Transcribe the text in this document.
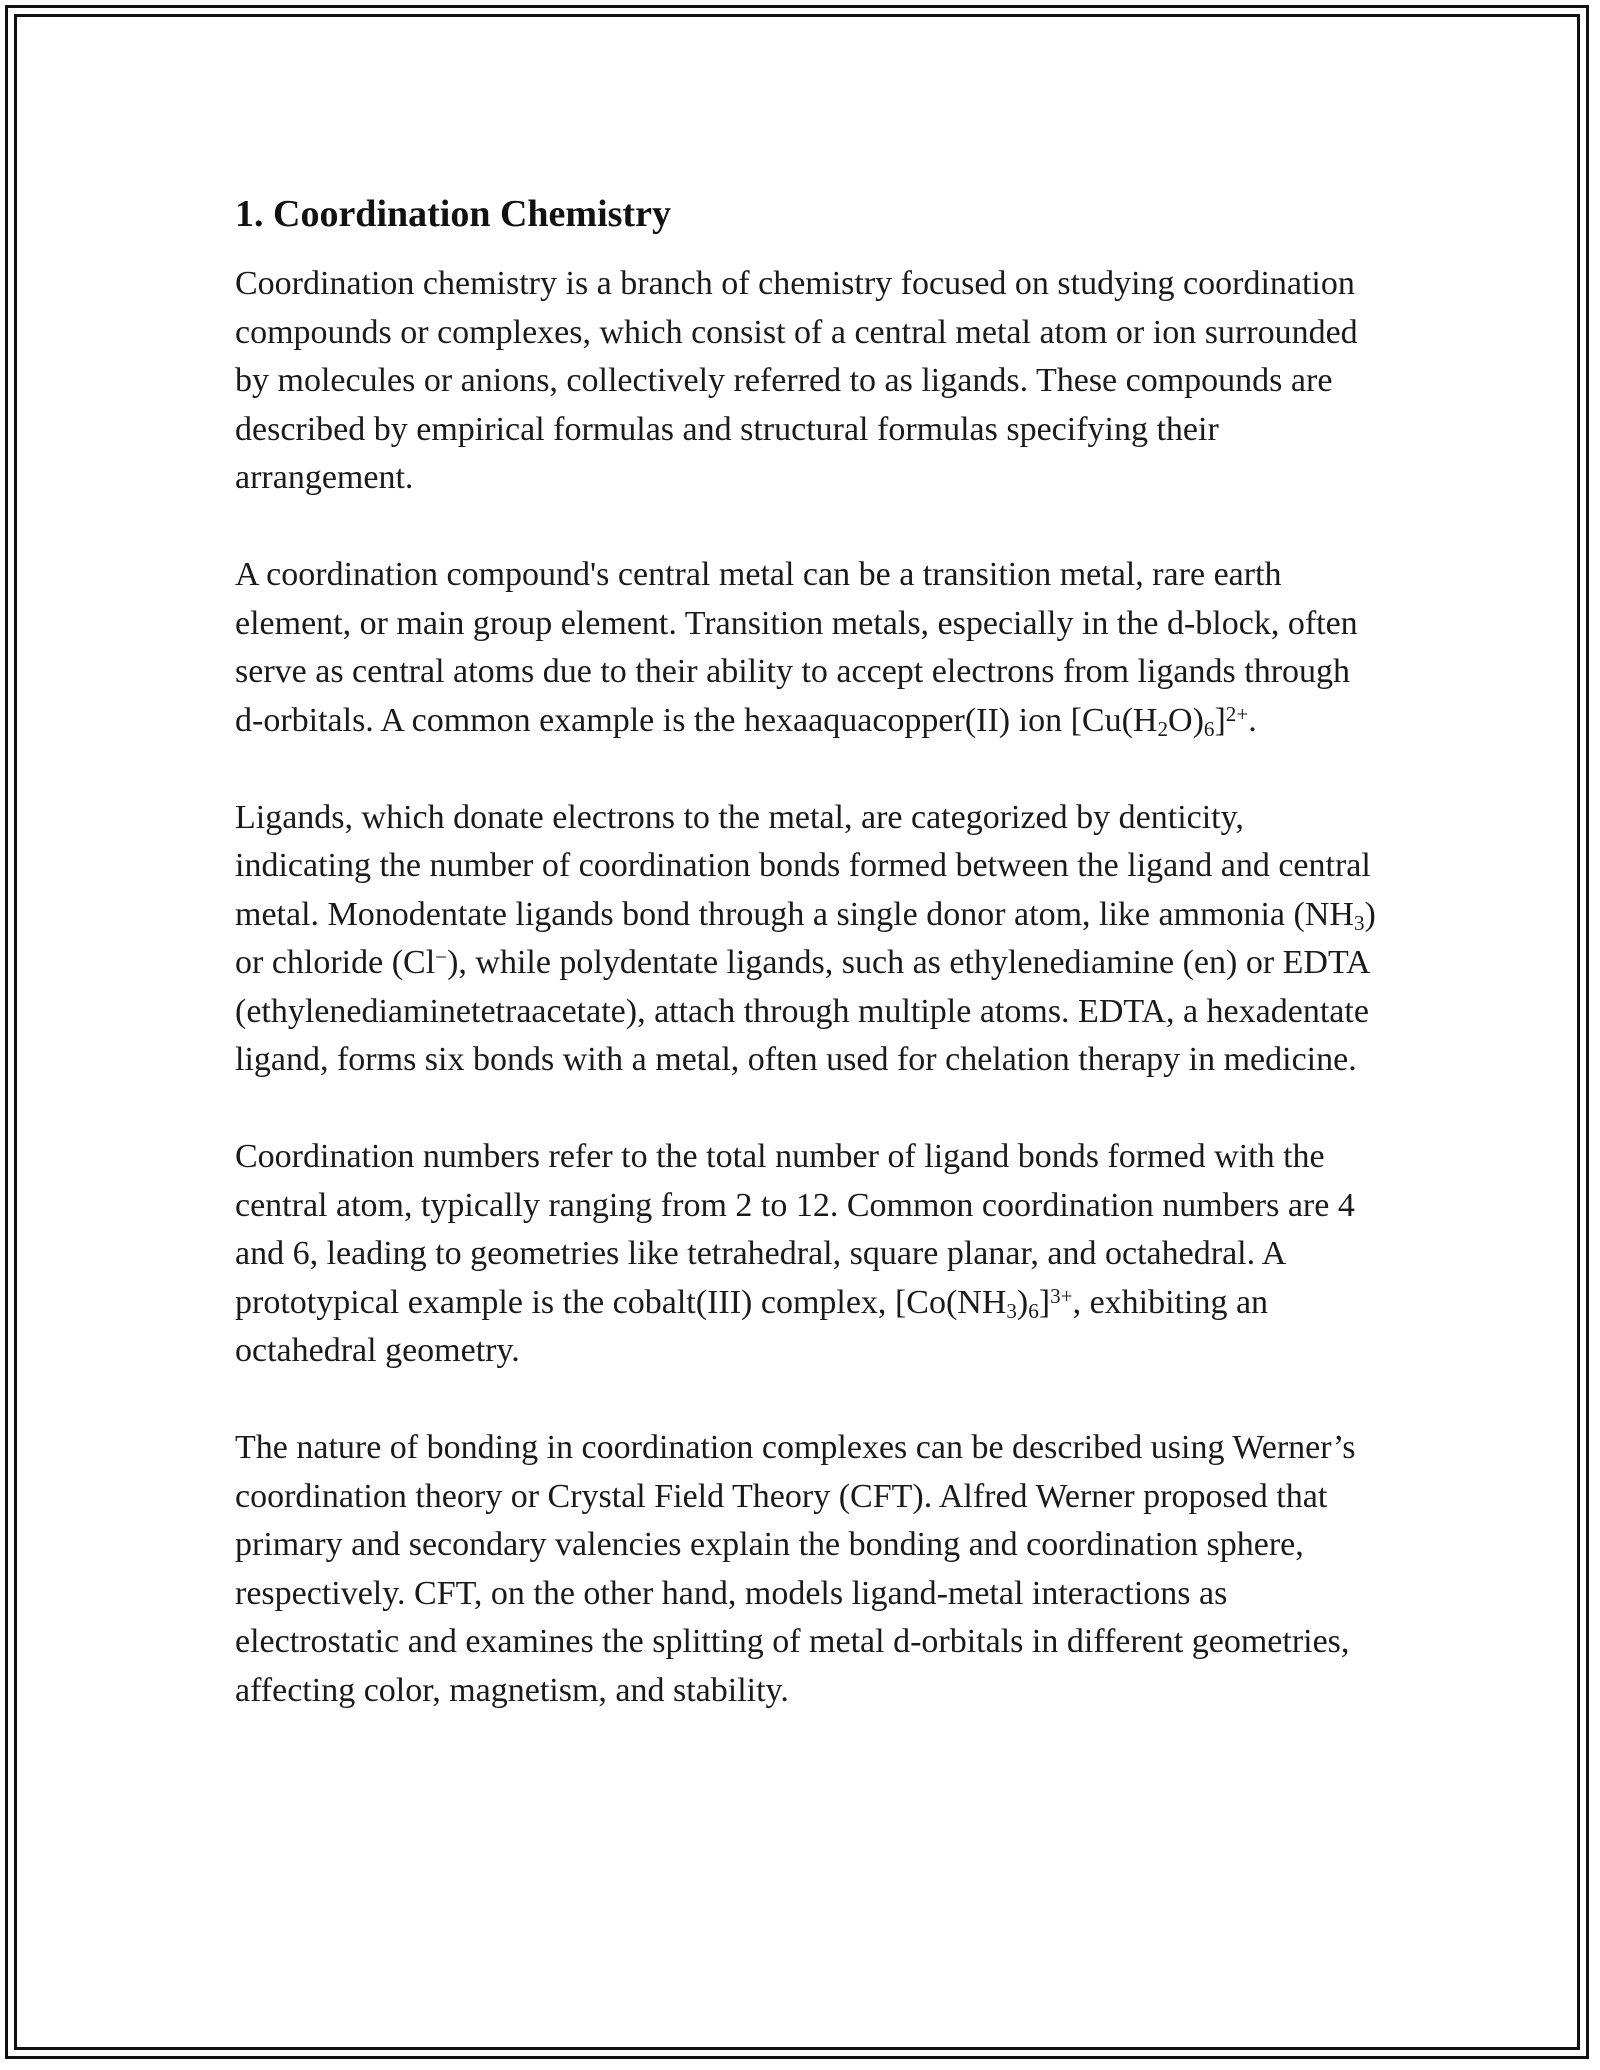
1. Coordination Chemistry

Coordination chemistry is a branch of chemistry focused on studying coordination compounds or complexes, which consist of a central metal atom or ion surrounded by molecules or anions, collectively referred to as ligands. These compounds are described by empirical formulas and structural formulas specifying their arrangement.

A coordination compound's central metal can be a transition metal, rare earth element, or main group element. Transition metals, especially in the d-block, often serve as central atoms due to their ability to accept electrons from ligands through d-orbitals. A common example is the hexaaquacopper(II) ion $[Cu(H_2O)_6]^{2+}$.

Ligands, which donate electrons to the metal, are categorized by denticity, indicating the number of coordination bonds formed between the ligand and central metal. Monodentate ligands bond through a single donor atom, like ammonia $(NH_3)$ or chloride (Cl−), while polydentate ligands, such as ethylenediamine (en) or EDTA (ethylenediaminetetraacetate), attach through multiple atoms. EDTA, a hexadentate ligand, forms six bonds with a metal, often used for chelation therapy in medicine.

Coordination numbers refer to the total number of ligand bonds formed with the central atom, typically ranging from 2 to 12. Common coordination numbers are 4 and 6, leading to geometries like tetrahedral, square planar, and octahedral. A prototypical example is the cobalt(III) complex, $[Co(NH_3)_6]^{3+}$, exhibiting an octahedral geometry.

The nature of bonding in coordination complexes can be described using Werner’s coordination theory or Crystal Field Theory (CFT). Alfred Werner proposed that primary and secondary valencies explain the bonding and coordination sphere, respectively. CFT, on the other hand, models ligand-metal interactions as electrostatic and examines the splitting of metal d-orbitals in different geometries, affecting color, magnetism, and stability.
